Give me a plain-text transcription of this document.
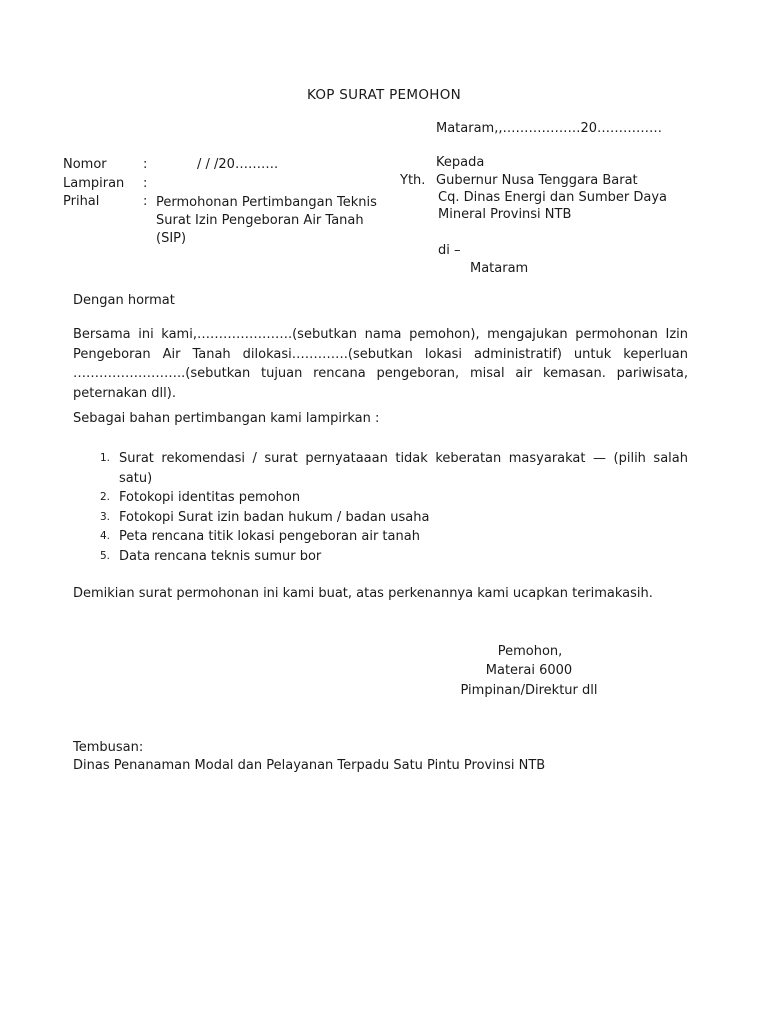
KOP SURAT PEMOHON
Mataram,,………………20……………
Nomor	:	/ / /20……….
Lampiran :
Prihal	: Permohonan Pertimbangan Teknis
Surat Izin Pengeboran Air Tanah
(SIP)
Kepada
Yth. Gubernur Nusa Tenggara Barat
Cq. Dinas Energi dan Sumber Daya
Mineral Provinsi NTB
di –
Mataram
Dengan hormat
Bersama ini kami,………………….(sebutkan nama pemohon), mengajukan permohonan Izin Pengeboran Air Tanah dilokasi………….(sebutkan lokasi administratif) untuk keperluan ……………………..(sebutkan tujuan rencana pengeboran, misal air kemasan. pariwisata, peternakan dll).
Sebagai bahan pertimbangan kami lampirkan :
1. Surat rekomendasi / surat pernyataaan tidak keberatan masyarakat — (pilih salah satu)
2. Fotokopi identitas pemohon
3. Fotokopi Surat izin badan hukum / badan usaha
4. Peta rencana titik lokasi pengeboran air tanah
5. Data rencana teknis sumur bor
Demikian surat permohonan ini kami buat, atas perkenannya kami ucapkan terimakasih.
Pemohon,
Materai 6000
Pimpinan/Direktur dll
Tembusan:
Dinas Penanaman Modal dan Pelayanan Terpadu Satu Pintu Provinsi NTB
